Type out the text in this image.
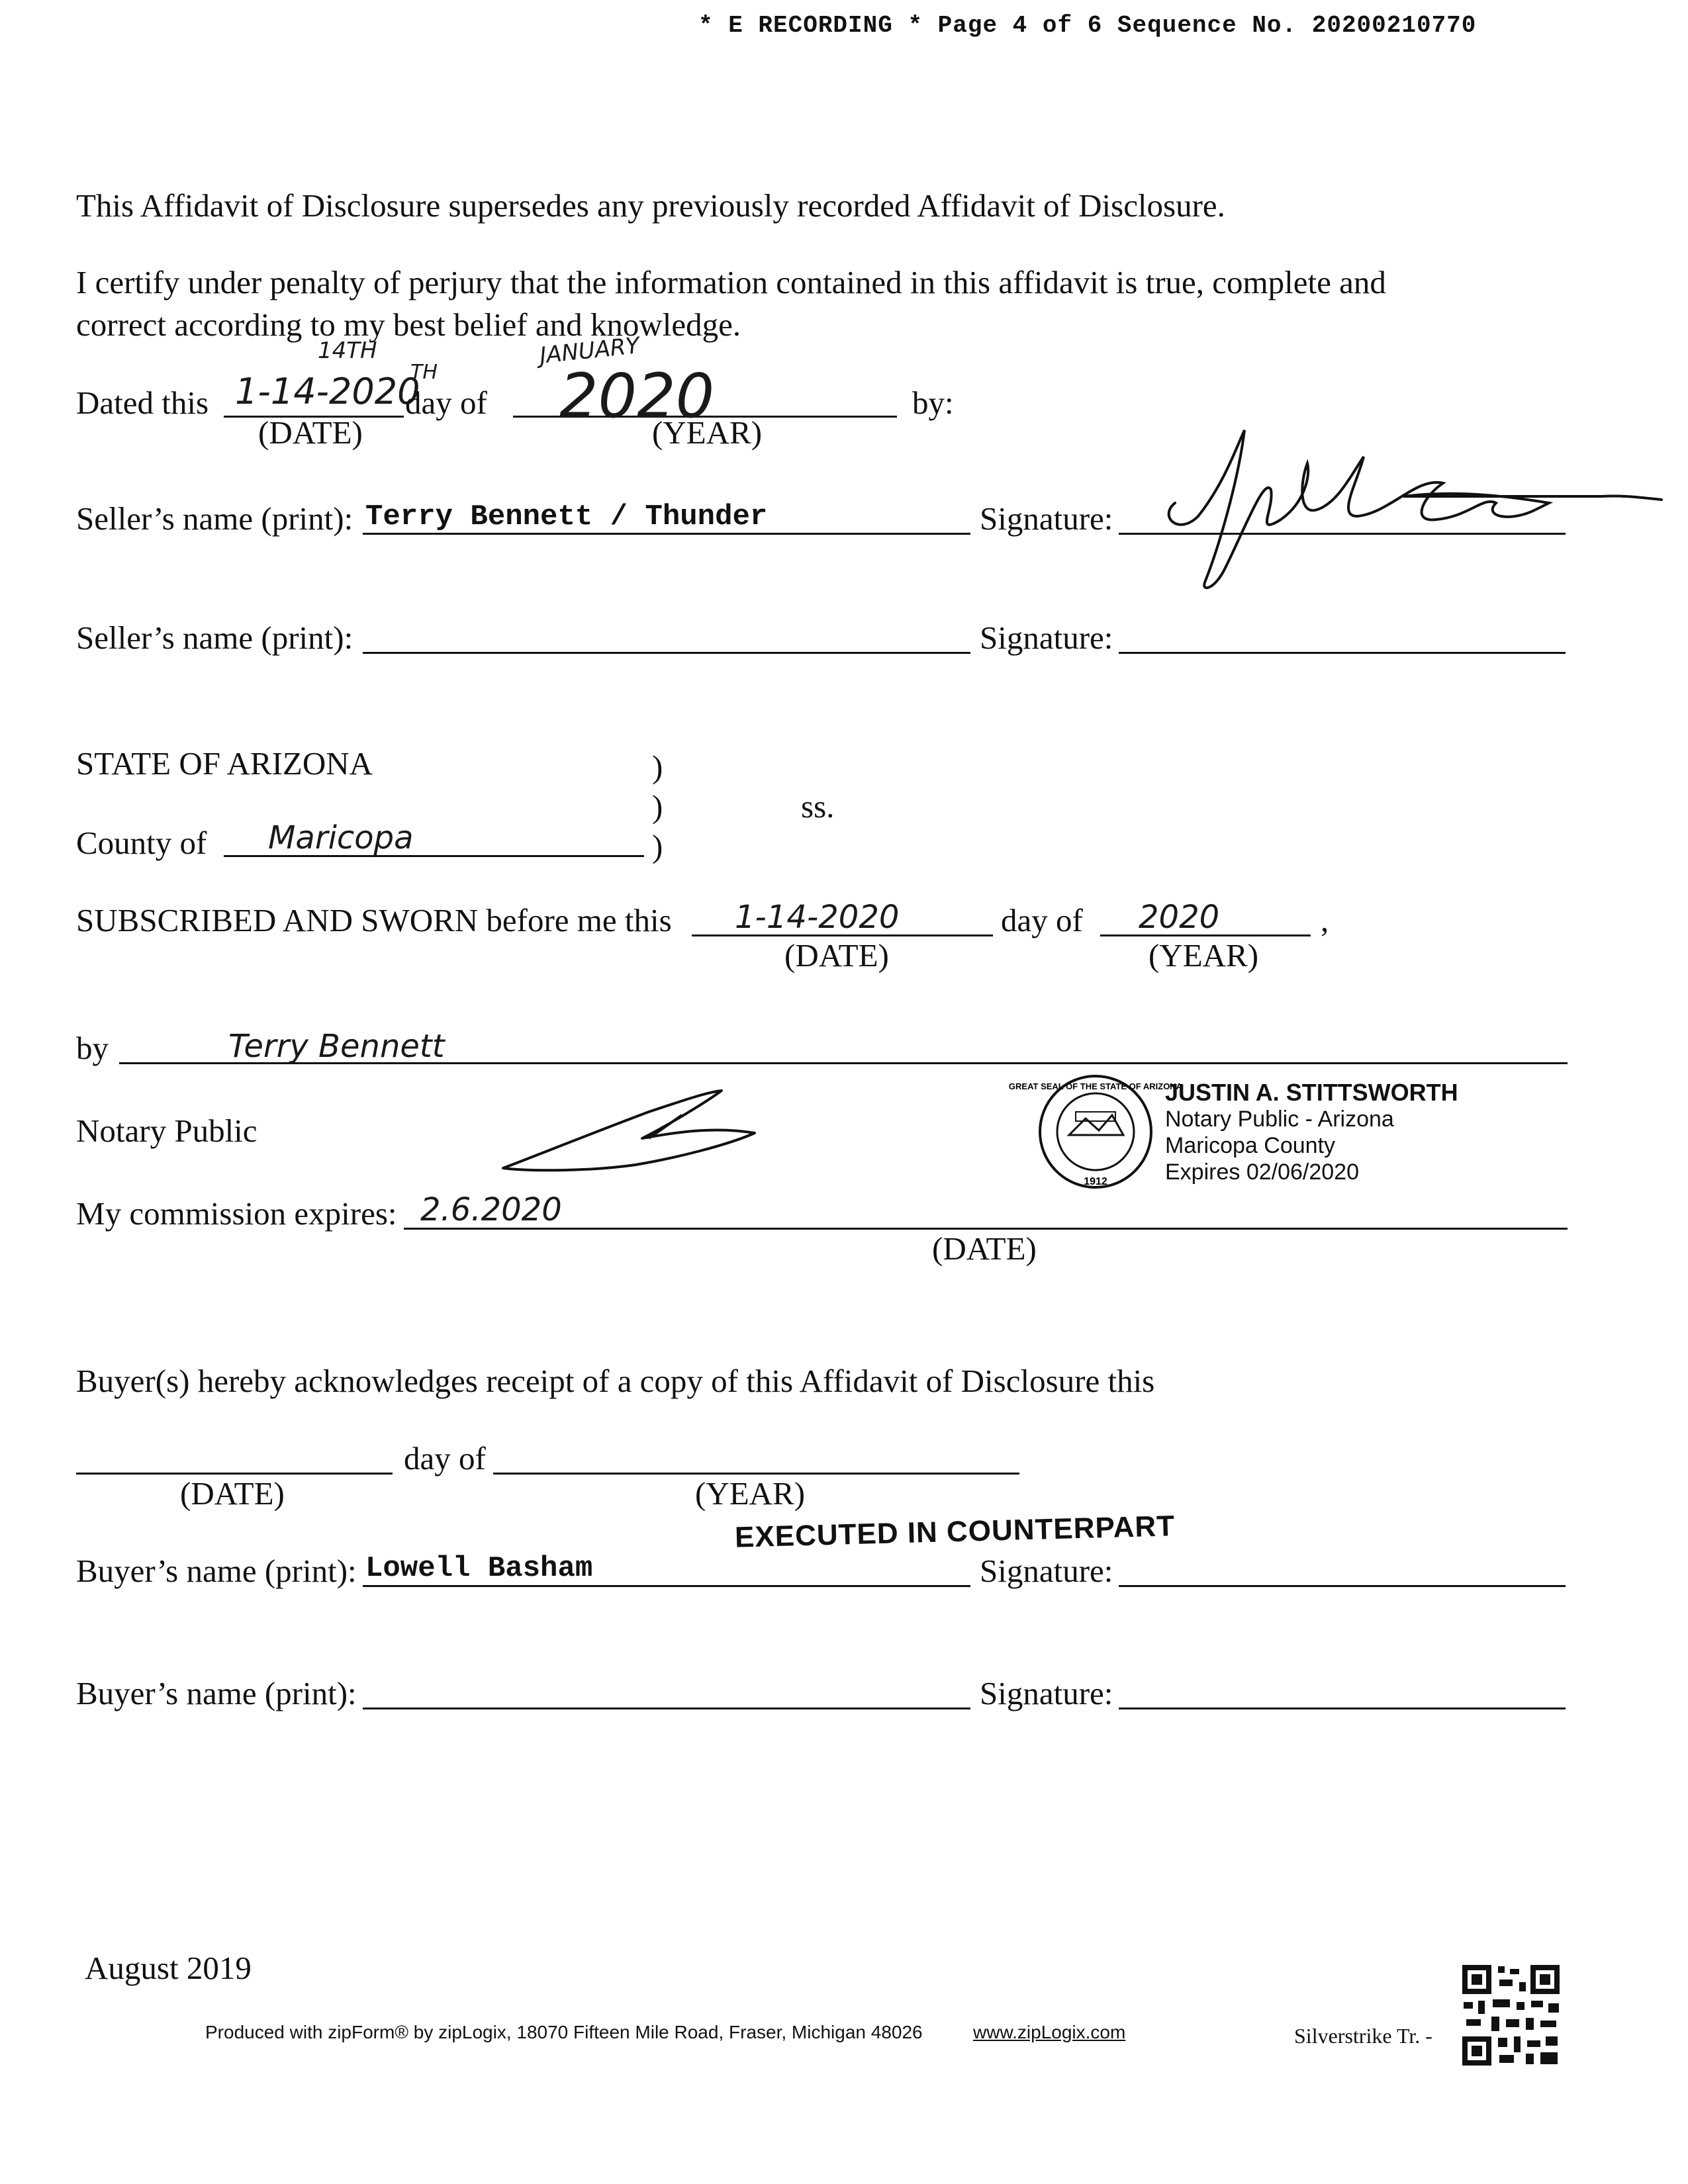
* E RECORDING * Page 4 of 6 Sequence No. 20200210770
This Affidavit of Disclosure supersedes any previously recorded Affidavit of Disclosure.
I certify under penalty of perjury that the information contained in this affidavit is true, complete and
correct according to my best belief and knowledge.
Dated this 1-14-2020
TH
14TH	JANUARY
day of 2020	by:
(DATE)	(YEAR)
Seller’s name (print): Terry Bennett / Thunder	Signature:
Seller’s name (print):	Signature:
STATE OF ARIZONA	)
)
)
ss.
County of Maricopa
SUBSCRIBED AND SWORN before me this 1-14-2020	day of 2020	,
(DATE)	(YEAR)
by	Terry Bennett
Notary Public
1912
GREAT SEAL OF THE STATE OF ARIZONA
JUSTIN A. STITTSWORTH
Notary Public - Arizona
Maricopa County
Expires 02/06/2020
My commission expires: 2.6.2020
(DATE)
Buyer(s) hereby acknowledges receipt of a copy of this Affidavit of Disclosure this
day of
(DATE)	(YEAR)
EXECUTED IN COUNTERPART
Buyer’s name (print): Lowell Basham	Signature:
Buyer’s name (print):	Signature:
August 2019
Produced with zipForm® by zipLogix, 18070 Fifteen Mile Road, Fraser, Michigan 48026	www.zipLogix.com	Silverstrike Tr. -
